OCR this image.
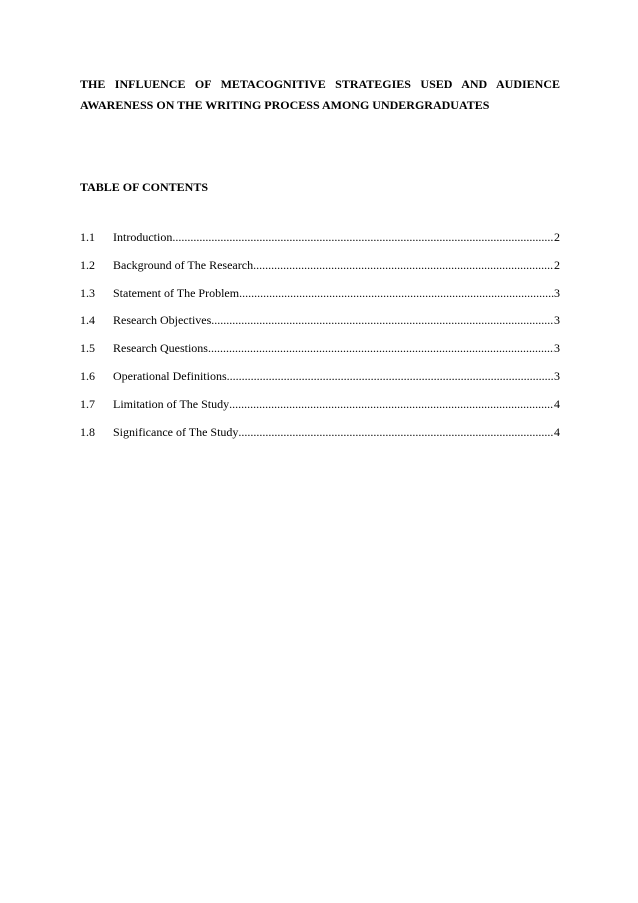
THE INFLUENCE OF METACOGNITIVE STRATEGIES USED AND AUDIENCE
AWARENESS ON THE WRITING PROCESS AMONG UNDERGRADUATES
TABLE OF CONTENTS
1.1	Introduction .....	2
1.2	Background of The Research .....	2
1.3	Statement of The Problem .....	3
1.4	Research Objectives .....	3
1.5	Research Questions .....	3
1.6	Operational Definitions .....	3
1.7	Limitation of The Study .....	4
1.8	Significance of The Study .....	4
